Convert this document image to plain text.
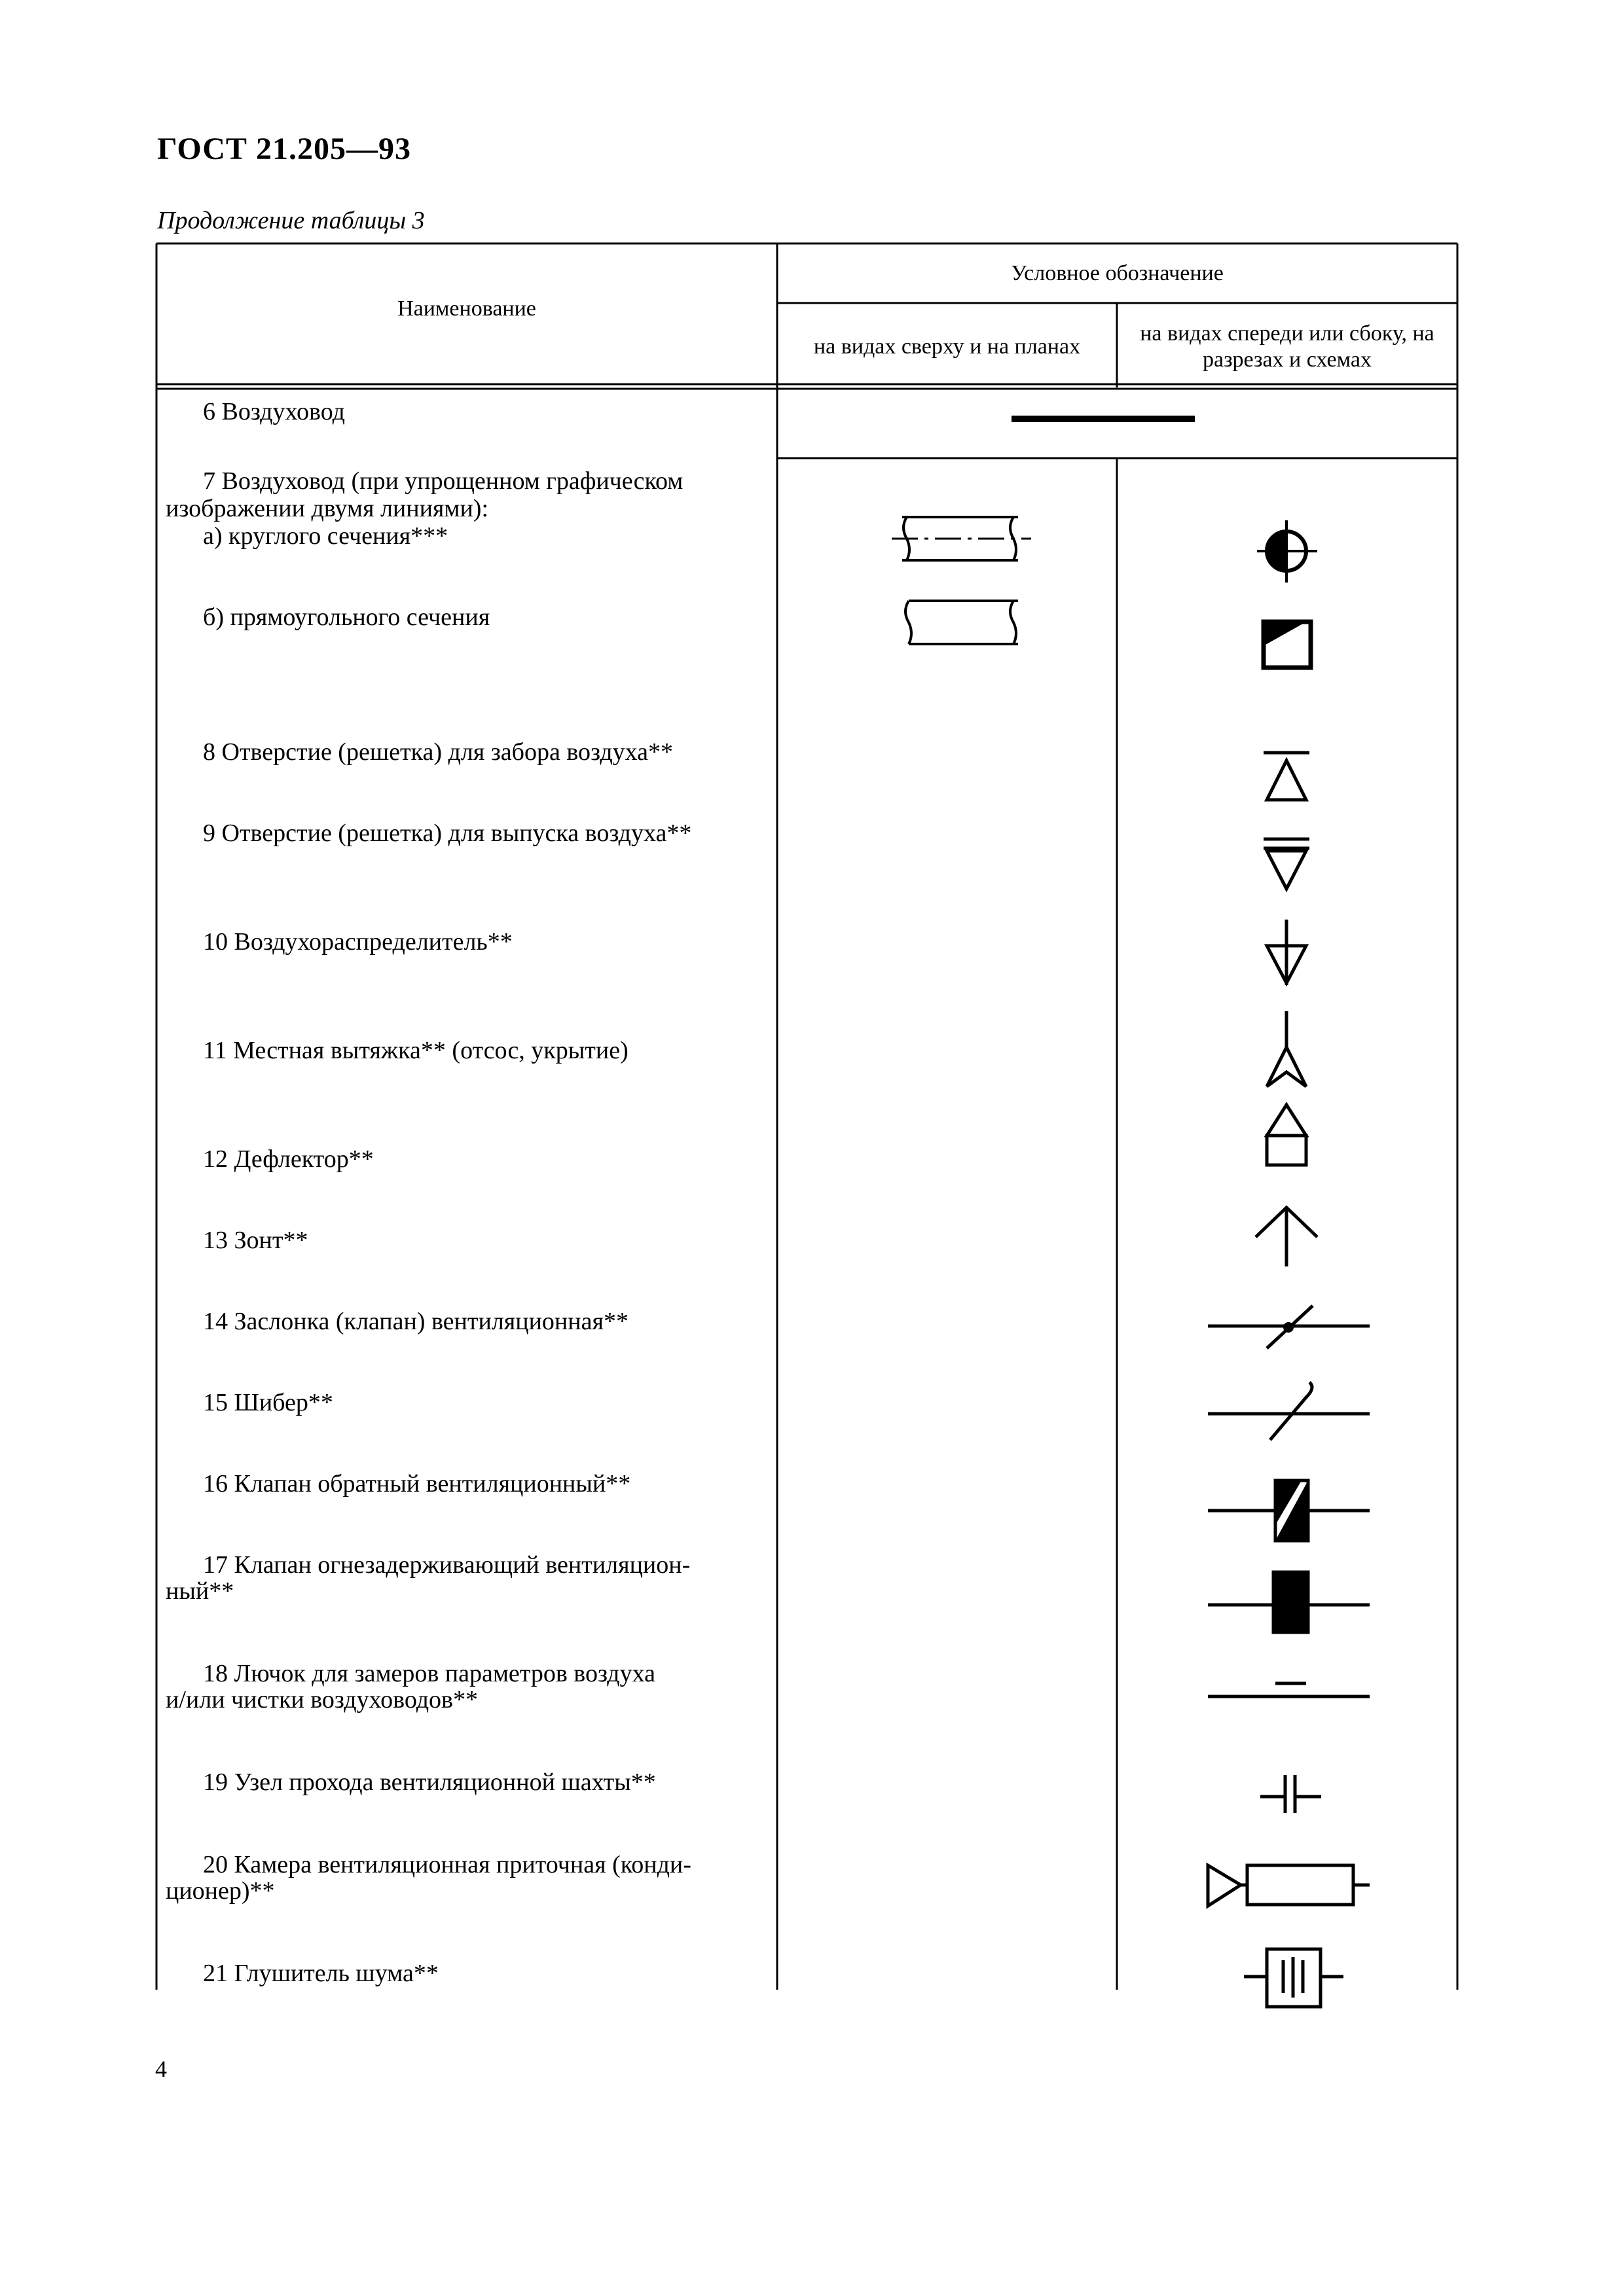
ГОСТ 21.205—93
Продолжение таблицы 3
Наименование
Условное обозначение
на видах сверху и на планах
на видах спереди или сбоку, на разрезах и схемах
6 Воздуховод
7 Воздуховод (при упрощенном графическом
изображении двумя линиями):
а) круглого сечения***
б) прямоугольного сечения
8 Отверстие (решетка) для забора воздуха**
9 Отверстие (решетка) для выпуска воздуха**
10 Воздухораспределитель**
11 Местная вытяжка** (отсос, укрытие)
12 Дефлектор**
13 Зонт**
14 Заслонка (клапан) вентиляционная**
15 Шибер**
16 Клапан обратный вентиляционный**
17 Клапан огнезадерживающий вентиляцион-
ный**
18 Лючок для замеров параметров воздуха
и/или чистки воздуховодов**
19 Узел прохода вентиляционной шахты**
20 Камера вентиляционная приточная (конди-
ционер)**
21 Глушитель шума**
4
